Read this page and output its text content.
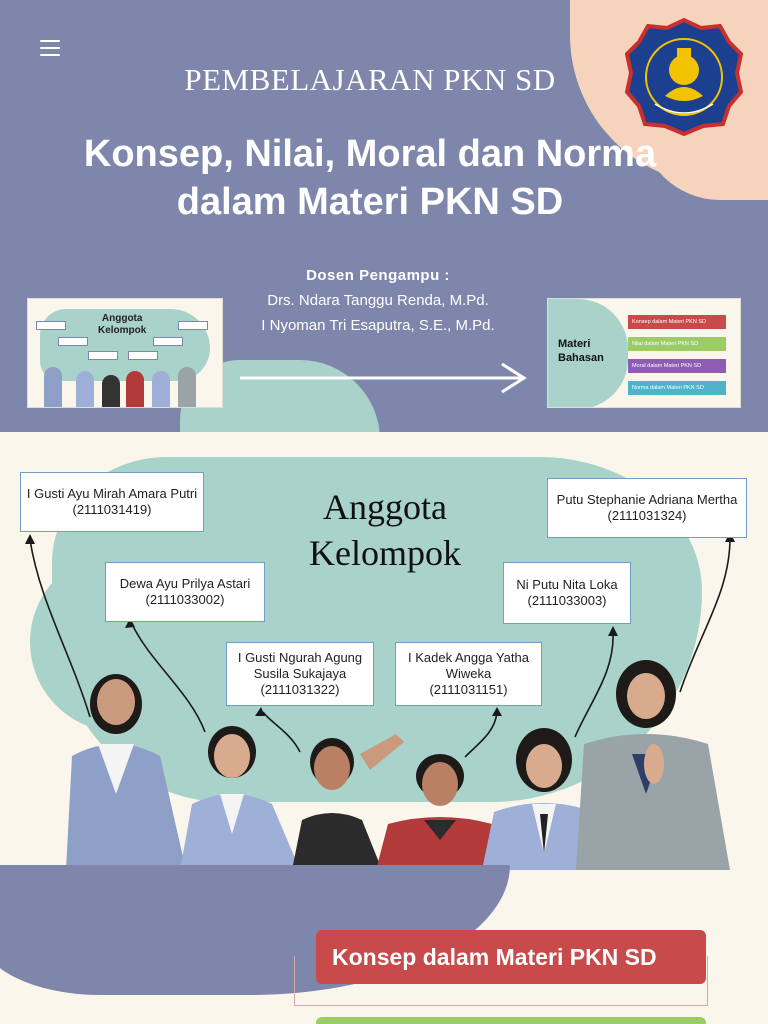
PEMBELAJARAN PKN SD
Konsep, Nilai, Moral dan Norma
dalam Materi PKN SD
Dosen Pengampu :
Drs. Ndara Tanggu Renda, M.Pd.
I Nyoman Tri Esaputra, S.E., M.Pd.
Anggota
Kelompok
Materi
Bahasan
Konsep dalam Materi PKN SD
Nilai dalam Materi PKN SD
Moral dalam Materi PKN SD
Norma dalam Materi PKN SD
Anggota
Kelompok
I Gusti Ayu Mirah Amara Putri
(2111031419)
Dewa Ayu Prilya Astari
(2111033002)
I Gusti Ngurah Agung Susila Sukajaya
(2111031322)
I Kadek Angga Yatha Wiweka
(2111031151)
Ni Putu Nita Loka
(2111033003)
Putu Stephanie Adriana Mertha
(2111031324)
Konsep dalam Materi PKN SD
